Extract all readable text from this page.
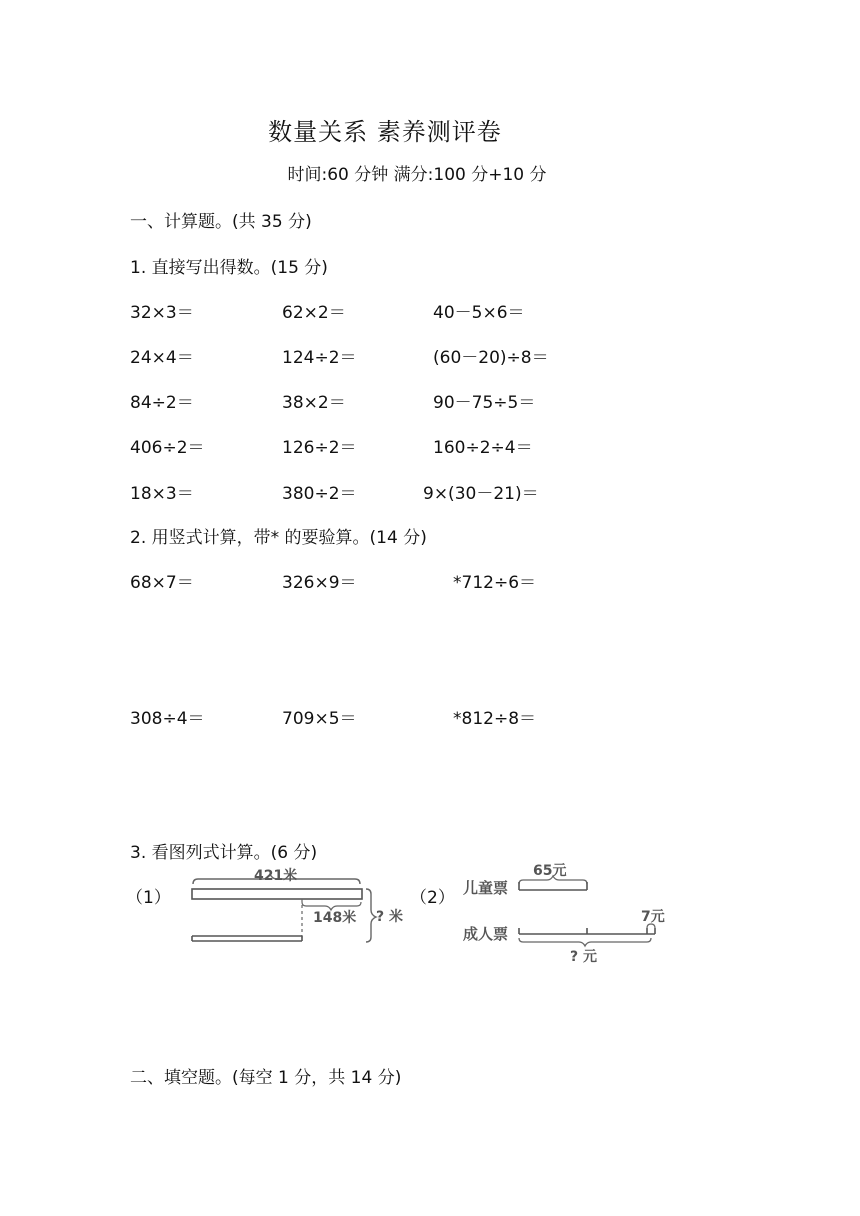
数量关系 素养测评卷
时间:60 分钟 满分:100 分+10 分
一、计算题。(共 35 分)
1. 直接写出得数。(15 分)
32×3＝	62×2＝	40－5×6＝
24×4＝	124÷2＝	(60－20)÷8＝
84÷2＝	38×2＝	90－75÷5＝
406÷2＝	126÷2＝	160÷2÷4＝
18×3＝	380÷2＝	9×(30－21)＝
2. 用竖式计算，带* 的要验算。(14 分)
68×7＝	326×9＝	*712÷6＝
308÷4＝	709×5＝	*812÷8＝
3. 看图列式计算。(6 分)
（1）
421米
148米 ? 米
（2） 儿童票
65元
成人票
7元
? 元
二、填空题。(每空 1 分，共 14 分)
